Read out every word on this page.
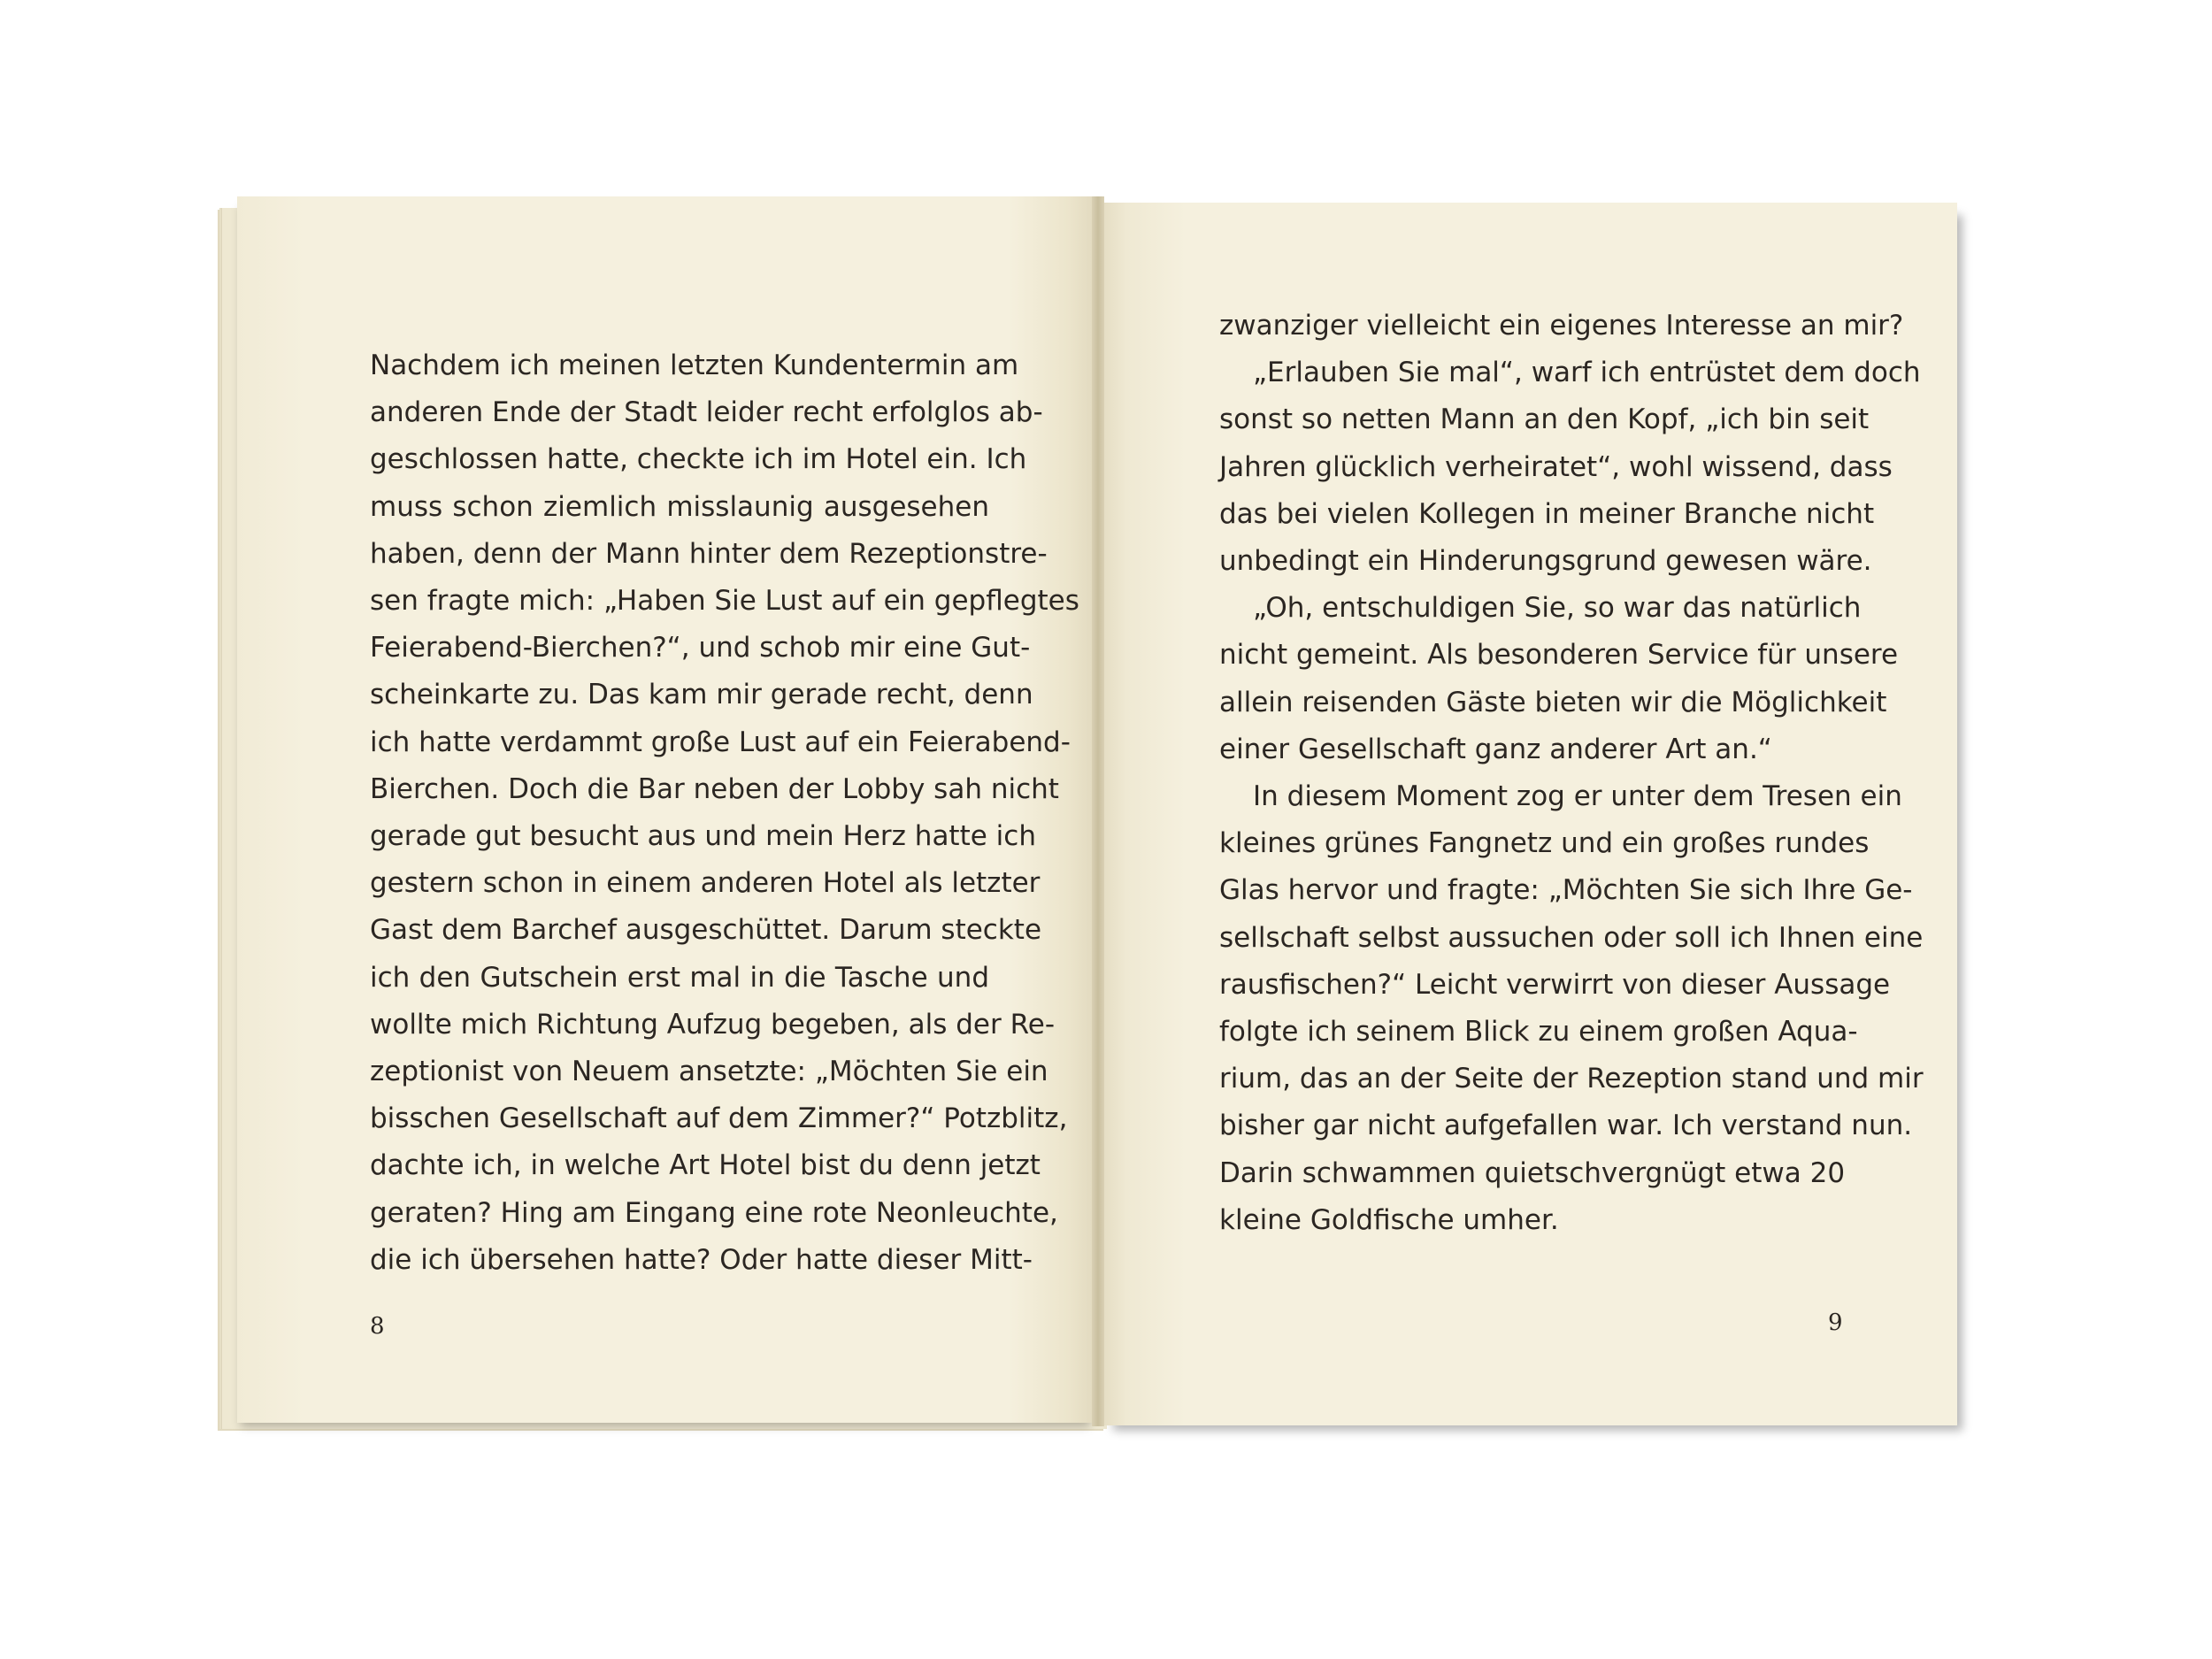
Nachdem ich meinen letzten Kundentermin am
anderen Ende der Stadt leider recht erfolglos ab-
geschlossen hatte, checkte ich im Hotel ein. Ich
muss schon ziemlich misslaunig ausgesehen
haben, denn der Mann hinter dem Rezeptionstre-
sen fragte mich: „Haben Sie Lust auf ein gepflegtes
Feierabend-Bierchen?“, und schob mir eine Gut-
scheinkarte zu. Das kam mir gerade recht, denn
ich hatte verdammt große Lust auf ein Feierabend-
Bierchen. Doch die Bar neben der Lobby sah nicht
gerade gut besucht aus und mein Herz hatte ich
gestern schon in einem anderen Hotel als letzter
Gast dem Barchef ausgeschüttet. Darum steckte
ich den Gutschein erst mal in die Tasche und
wollte mich Richtung Aufzug begeben, als der Re-
zeptionist von Neuem ansetzte: „Möchten Sie ein
bisschen Gesellschaft auf dem Zimmer?“ Potzblitz,
dachte ich, in welche Art Hotel bist du denn jetzt
geraten? Hing am Eingang eine rote Neonleuchte,
die ich übersehen hatte? Oder hatte dieser Mitt-
zwanziger vielleicht ein eigenes Interesse an mir?
„Erlauben Sie mal“, warf ich entrüstet dem doch
sonst so netten Mann an den Kopf, „ich bin seit
Jahren glücklich verheiratet“, wohl wissend, dass
das bei vielen Kollegen in meiner Branche nicht
unbedingt ein Hinderungsgrund gewesen wäre.
„Oh, entschuldigen Sie, so war das natürlich
nicht gemeint. Als besonderen Service für unsere
allein reisenden Gäste bieten wir die Möglichkeit
einer Gesellschaft ganz anderer Art an.“
In diesem Moment zog er unter dem Tresen ein
kleines grünes Fangnetz und ein großes rundes
Glas hervor und fragte: „Möchten Sie sich Ihre Ge-
sellschaft selbst aussuchen oder soll ich Ihnen eine
rausfischen?“ Leicht verwirrt von dieser Aussage
folgte ich seinem Blick zu einem großen Aqua-
rium, das an der Seite der Rezeption stand und mir
bisher gar nicht aufgefallen war. Ich verstand nun.
Darin schwammen quietschvergnügt etwa 20
kleine Goldfische umher.
8	9
